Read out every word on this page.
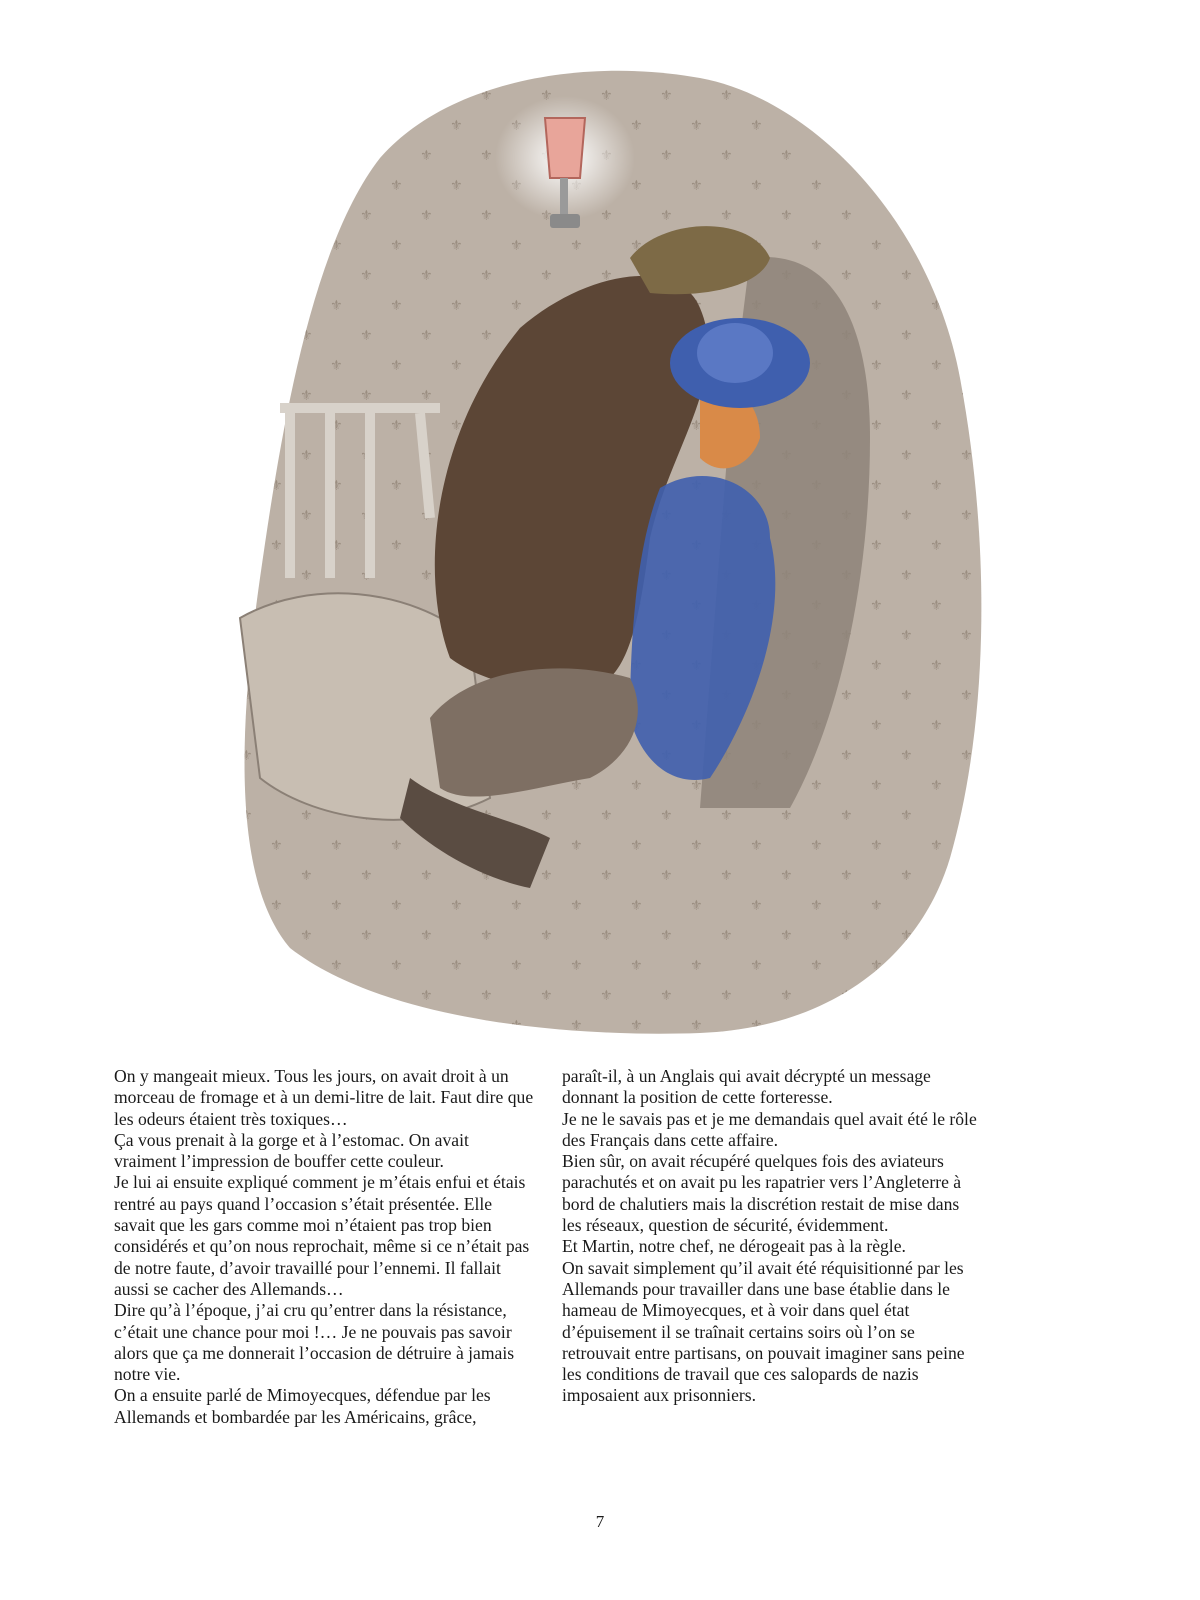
On y mangeait mieux. Tous les jours, on avait droit à un morceau de fromage et à un demi-litre de lait. Faut dire que les odeurs étaient très toxiques…

Ça vous prenait à la gorge et à l’estomac. On avait vraiment l’impression de bouffer cette couleur.

Je lui ai ensuite expliqué comment je m’étais enfui et étais rentré au pays quand l’occasion s’était présentée. Elle savait que les gars comme moi n’étaient pas trop bien considérés et qu’on nous reprochait, même si ce n’était pas de notre faute, d’avoir travaillé pour l’ennemi. Il fallait aussi se cacher des Allemands…

Dire qu’à l’époque, j’ai cru qu’entrer dans la résistance, c’était une chance pour moi !… Je ne pouvais pas savoir alors que ça me donnerait l’occasion de détruire à jamais notre vie.

On a ensuite parlé de Mimoyecques, défendue par les Allemands et bombardée par les Américains, grâce,

paraît-il, à un Anglais qui avait décrypté un message donnant la position de cette forteresse.

Je ne le savais pas et je me demandais quel avait été le rôle des Français dans cette affaire.

Bien sûr, on avait récupéré quelques fois des aviateurs parachutés et on avait pu les rapatrier vers l’Angleterre à bord de chalutiers mais la discrétion restait de mise dans les réseaux, question de sécurité, évidemment.

Et Martin, notre chef, ne dérogeait pas à la règle.

On savait simplement qu’il avait été réquisitionné par les Allemands pour travailler dans une base établie dans le hameau de Mimoyecques, et à voir dans quel état d’épuisement il se traînait certains soirs où l’on se retrouvait entre partisans, on pouvait imaginer sans peine les conditions de travail que ces salopards de nazis imposaient aux prisonniers.

7
